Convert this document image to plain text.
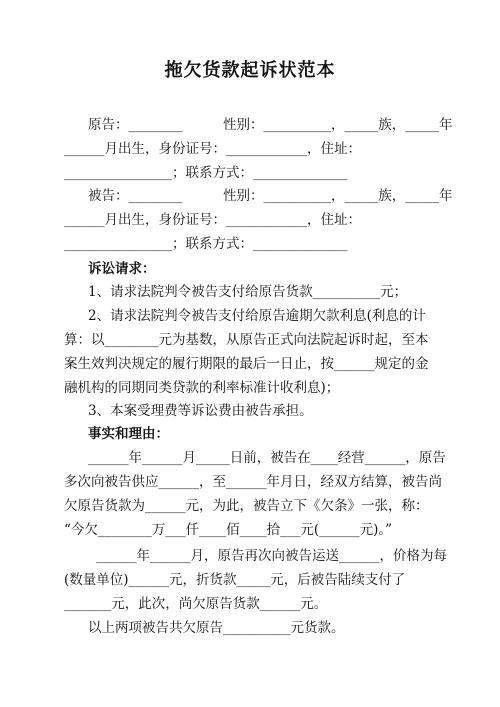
拖欠货款起诉状范本
原告：________　　　性别：__________，_____族，_____年
______月出生，身份证号：____________，住址：
________________；联系方式：______________
被告：________　　　性别：__________，_____族，_____年
______月出生，身份证号：____________，住址：
________________；联系方式：______________
诉讼请求：
1、请求法院判令被告支付给原告货款__________元；
2、请求法院判令被告支付给原告逾期欠款利息(利息的计
算：以________元为基数，从原告正式向法院起诉时起，至本
案生效判决规定的履行期限的最后一日止，按______规定的金
融机构的同期同类贷款的利率标准计收利息)；
3、本案受理费等诉讼费由被告承担。
事实和理由：
______年______月_____日前，被告在____经营______，原告
多次向被告供应______，至______年月日，经双方结算，被告尚
欠原告货款为______元，为此，被告立下《欠条》一张，称：
“今欠________万___仟____佰____拾___元(______元)。”
______年______月，原告再次向被告运送______，价格为每
(数量单位)______元，折货款_____元，后被告陆续支付了
_______元，此次，尚欠原告货款______元。
以上两项被告共欠原告__________元货款。
